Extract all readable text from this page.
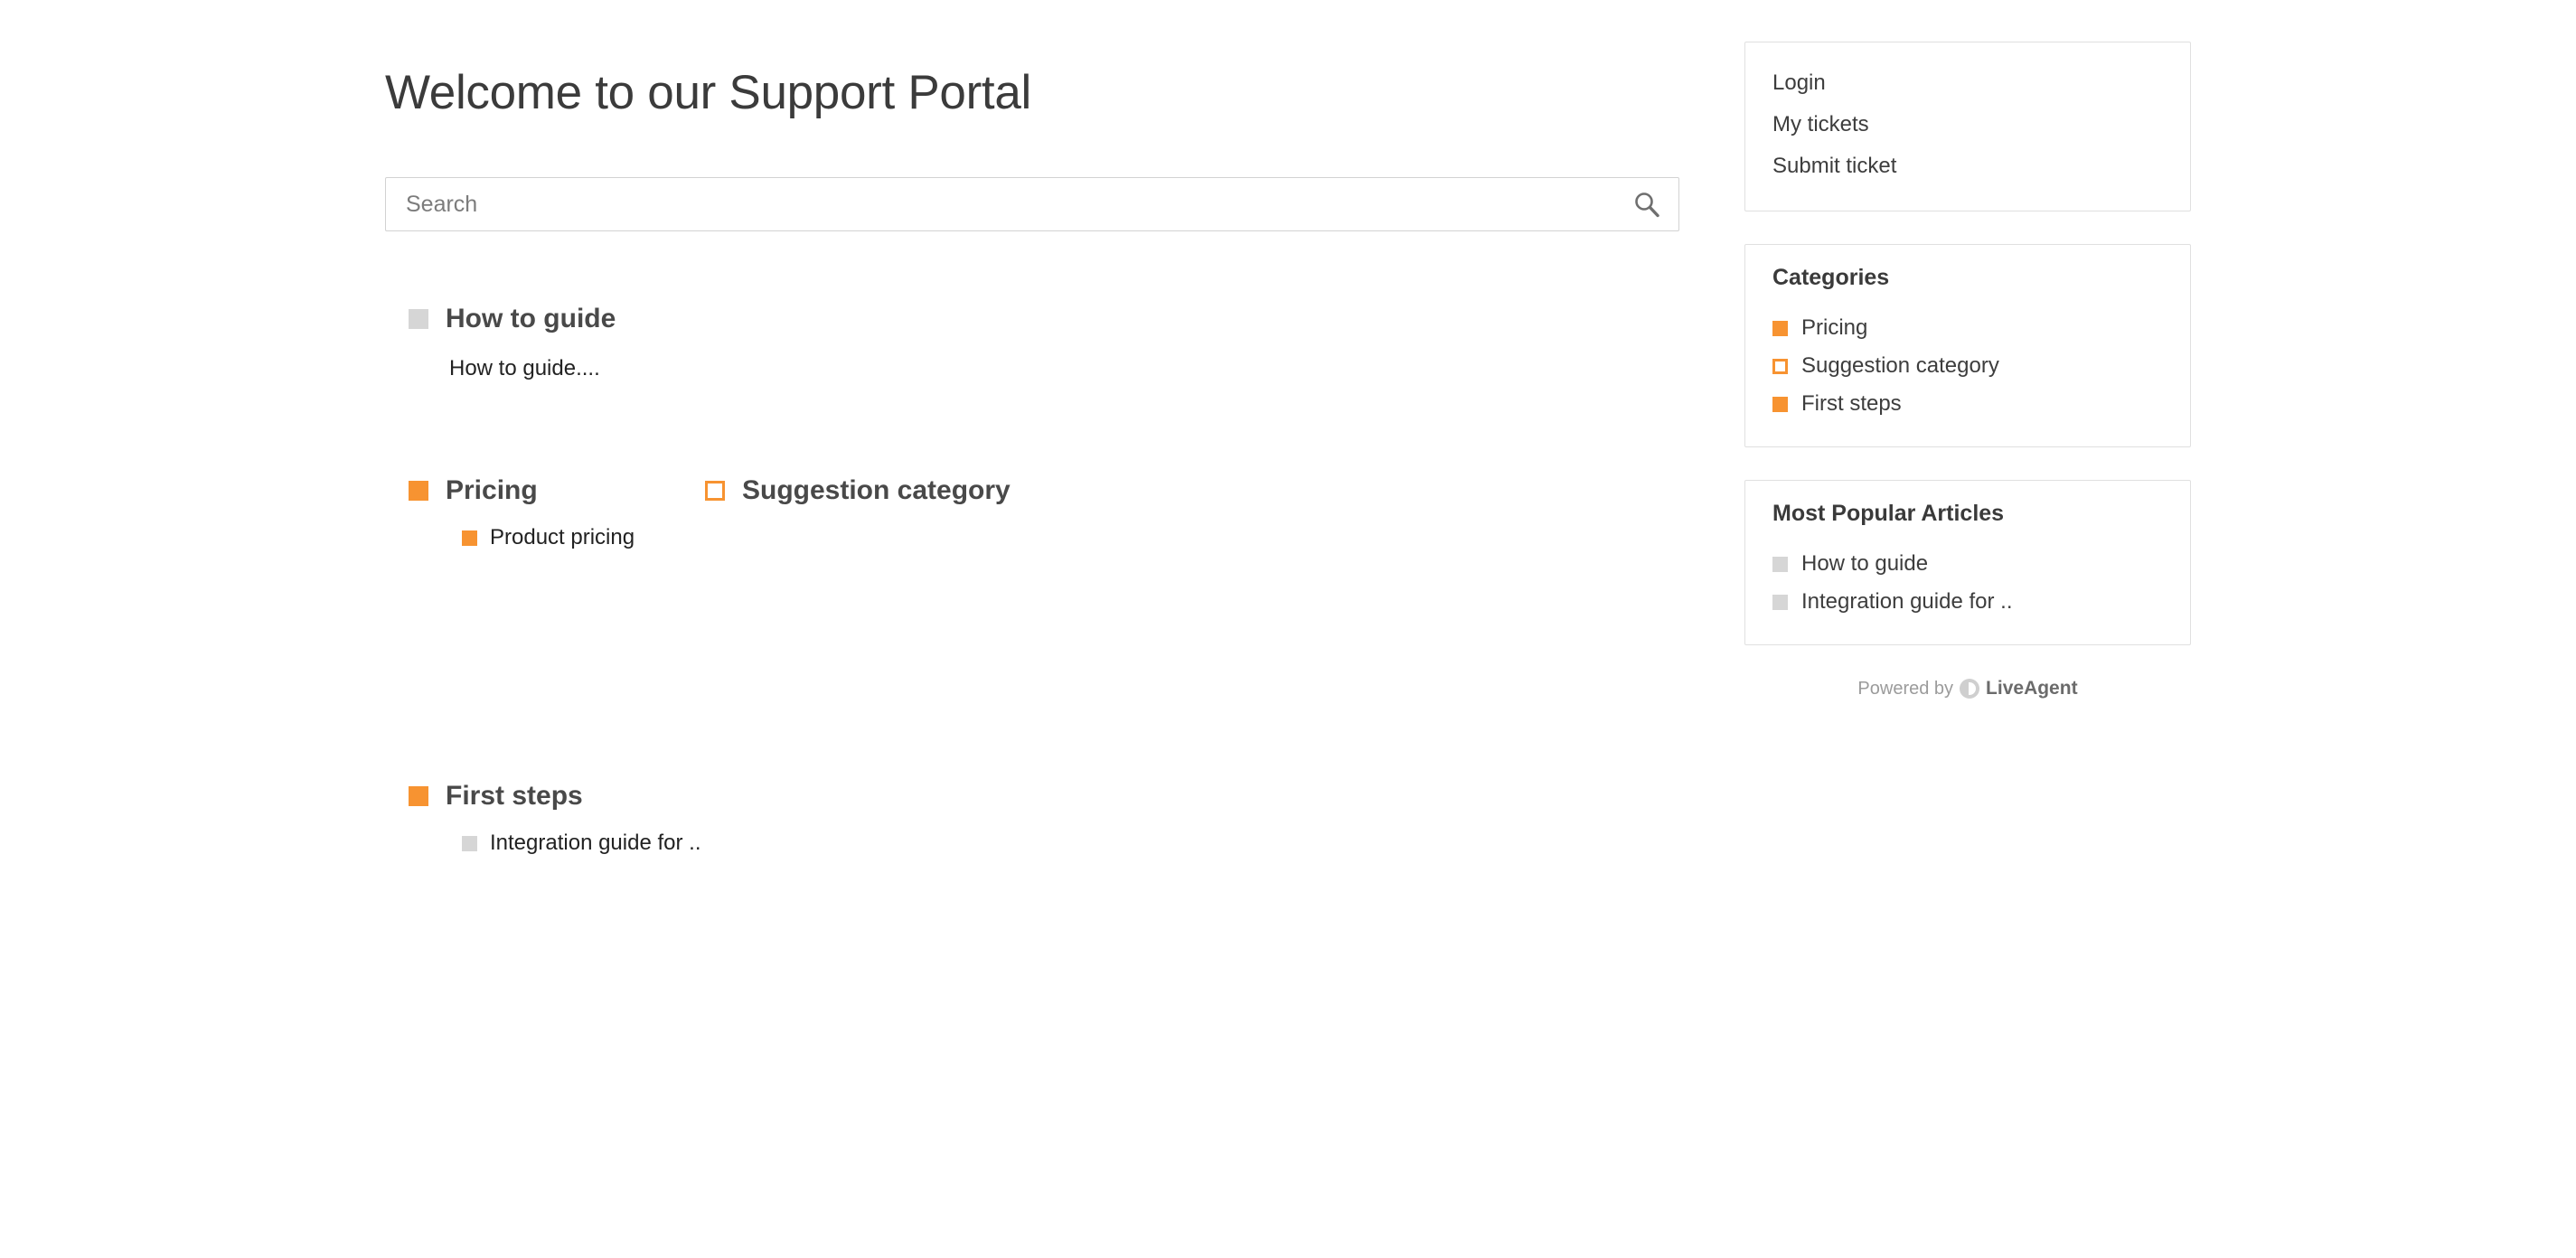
Welcome to our Support Portal
Search
How to guide
How to guide....
Pricing
Product pricing
Suggestion category
First steps
Integration guide for ..
Login
My tickets
Submit ticket
Categories
Pricing
Suggestion category
First steps
Most Popular Articles
How to guide
Integration guide for ..
Powered by LiveAgent
